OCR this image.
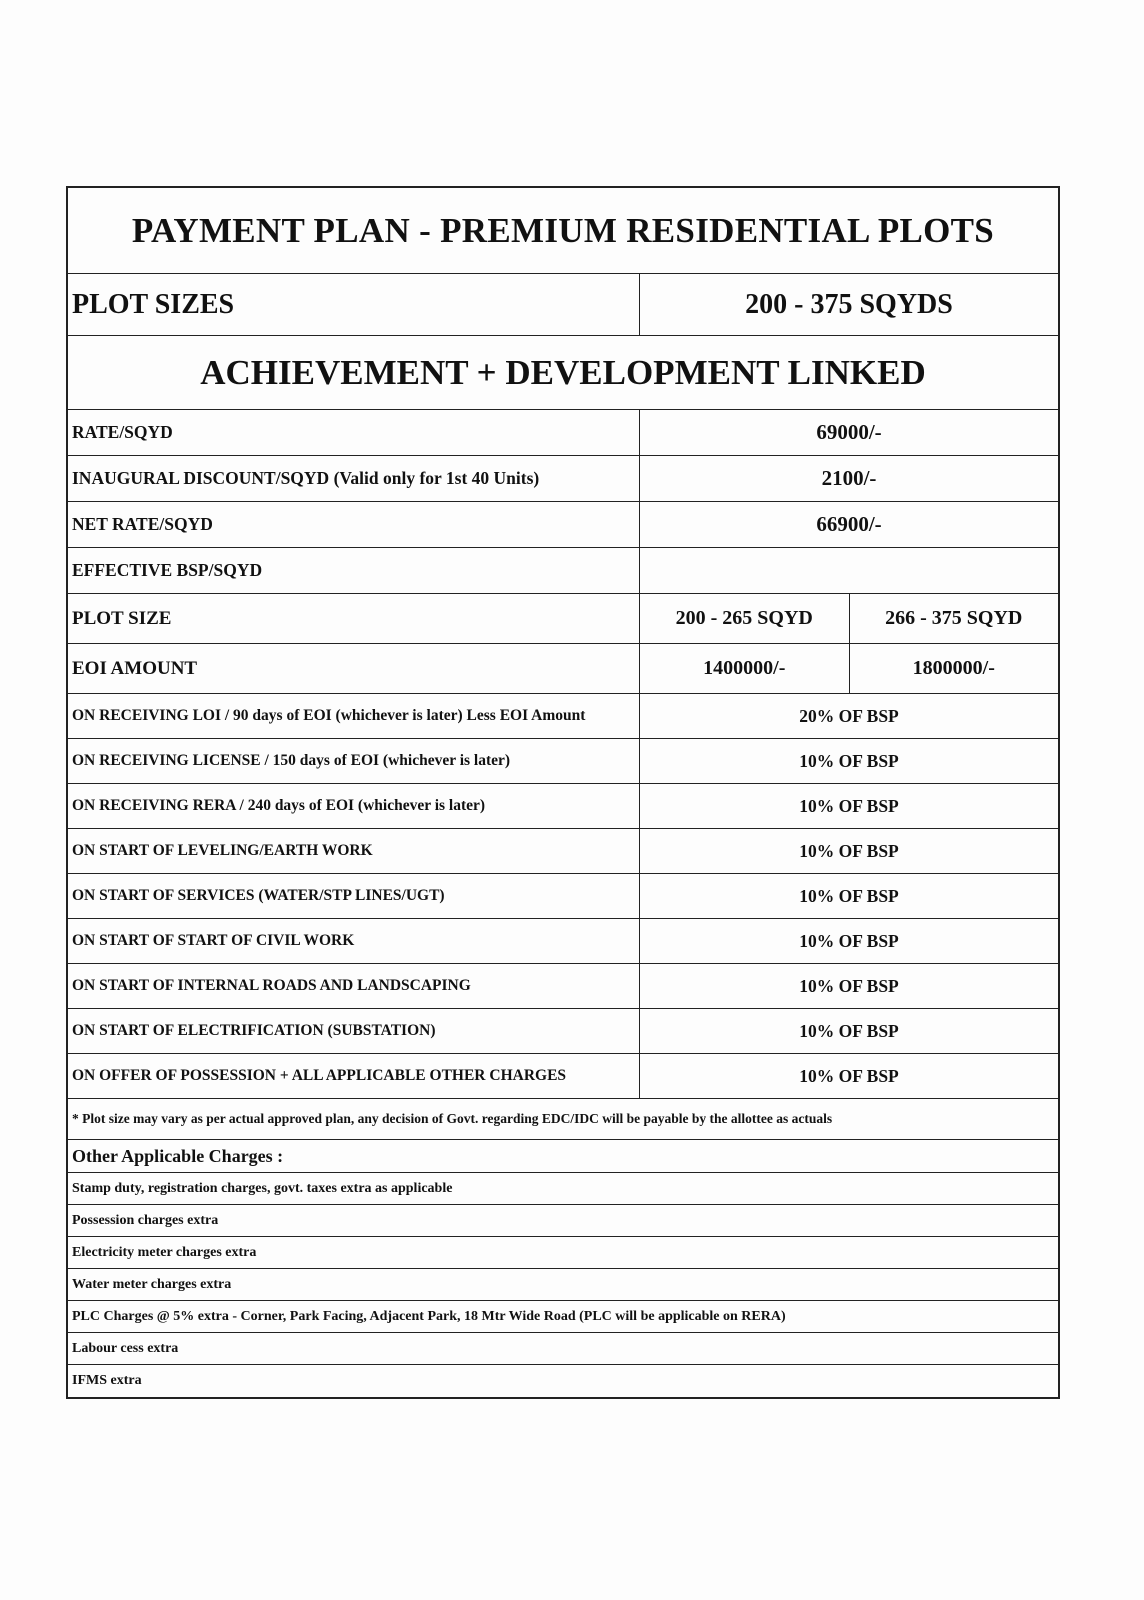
PAYMENT PLAN - PREMIUM RESIDENTIAL PLOTS
PLOT SIZES	200 - 375 SQYDS
ACHIEVEMENT + DEVELOPMENT LINKED
RATE/SQYD	69000/-
INAUGURAL DISCOUNT/SQYD (Valid only for 1st 40 Units)	2100/-
NET RATE/SQYD	66900/-
EFFECTIVE BSP/SQYD
PLOT SIZE	200 - 265 SQYD	266 - 375 SQYD
EOI AMOUNT	1400000/-	1800000/-
ON RECEIVING LOI / 90 days of EOI (whichever is later) Less EOI Amount	20% OF BSP
ON RECEIVING LICENSE / 150 days of EOI (whichever is later)	10% OF BSP
ON RECEIVING RERA / 240 days of EOI (whichever is later)	10% OF BSP
ON START OF LEVELING/EARTH WORK	10% OF BSP
ON START OF SERVICES (WATER/STP LINES/UGT)	10% OF BSP
ON START OF START OF CIVIL WORK	10% OF BSP
ON START OF INTERNAL ROADS AND LANDSCAPING	10% OF BSP
ON START OF ELECTRIFICATION (SUBSTATION)	10% OF BSP
ON OFFER OF POSSESSION + ALL APPLICABLE OTHER CHARGES	10% OF BSP
* Plot size may vary as per actual approved plan, any decision of Govt. regarding EDC/IDC will be payable by the allottee as actuals
Other Applicable Charges :
Stamp duty, registration charges, govt. taxes extra as applicable
Possession charges extra
Electricity meter charges extra
Water meter charges extra
PLC Charges @ 5% extra - Corner, Park Facing, Adjacent Park, 18 Mtr Wide Road (PLC will be applicable on RERA)
Labour cess extra
IFMS extra
